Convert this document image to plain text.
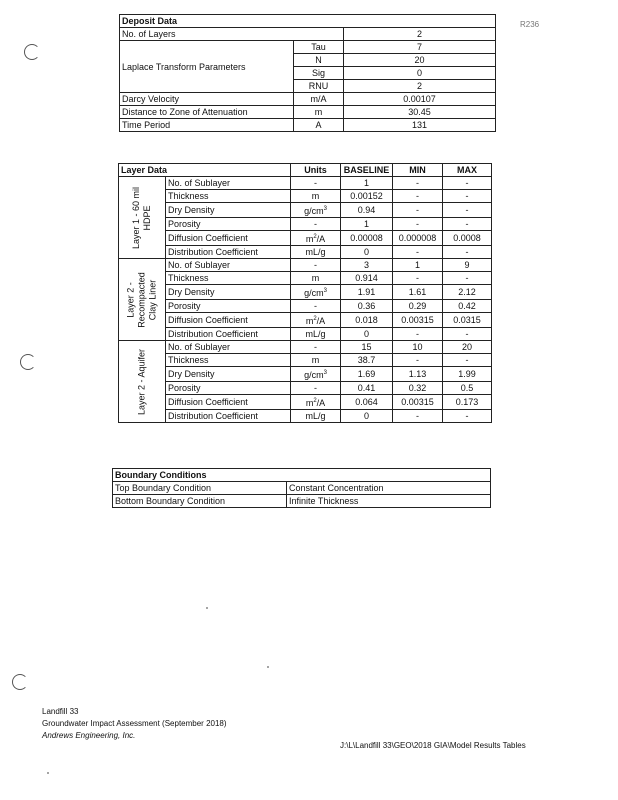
R236
Deposit Data		
No. of Layers		2
Laplace Transform Parameters	Tau	7
	N	20
	Sig	0
	RNU	2
Darcy Velocity	m/A	0.00107
Distance to Zone of Attenuation	m	30.45
Time Period	A	131
Layer Data		Units	BASELINE	MIN	MAX

Layer 1 - 60 mil HDPE	No. of Sublayer	-	1	-	-
	Thickness	m	0.00152	-	-
	Dry Density	$g/cm^3$	0.94	-	-
	Porosity	-	1	-	-
	Diffusion Coefficient	$m^2/A$	0.00008	0.000008	0.0008
	Distribution Coefficient	mL/g	0	-	-

Layer 2 - Recompacted Clay Liner	No. of Sublayer	-	3	1	9
	Thickness	m	0.914	-	-
	Dry Density	$g/cm^3$	1.91	1.61	2.12
	Porosity	-	0.36	0.29	0.42
	Diffusion Coefficient	$m^2/A$	0.018	0.00315	0.0315
	Distribution Coefficient	mL/g	0	-	-

Layer 2 - Aquifer	No. of Sublayer	-	15	10	20
	Thickness	m	38.7	-	-
	Dry Density	$g/cm^3$	1.69	1.13	1.99
	Porosity	-	0.41	0.32	0.5
	Diffusion Coefficient	$m^2/A$	0.064	0.00315	0.173
	Distribution Coefficient	mL/g	0	-	-
Boundary Conditions	
Top Boundary Condition	Constant Concentration
Bottom Boundary Condition	Infinite Thickness
Landfill 33
Groundwater Impact Assessment (September 2018)
Andrews Engineering, Inc.
J:\L\Landfill 33\GEO\2018 GIA\Model Results Tables
